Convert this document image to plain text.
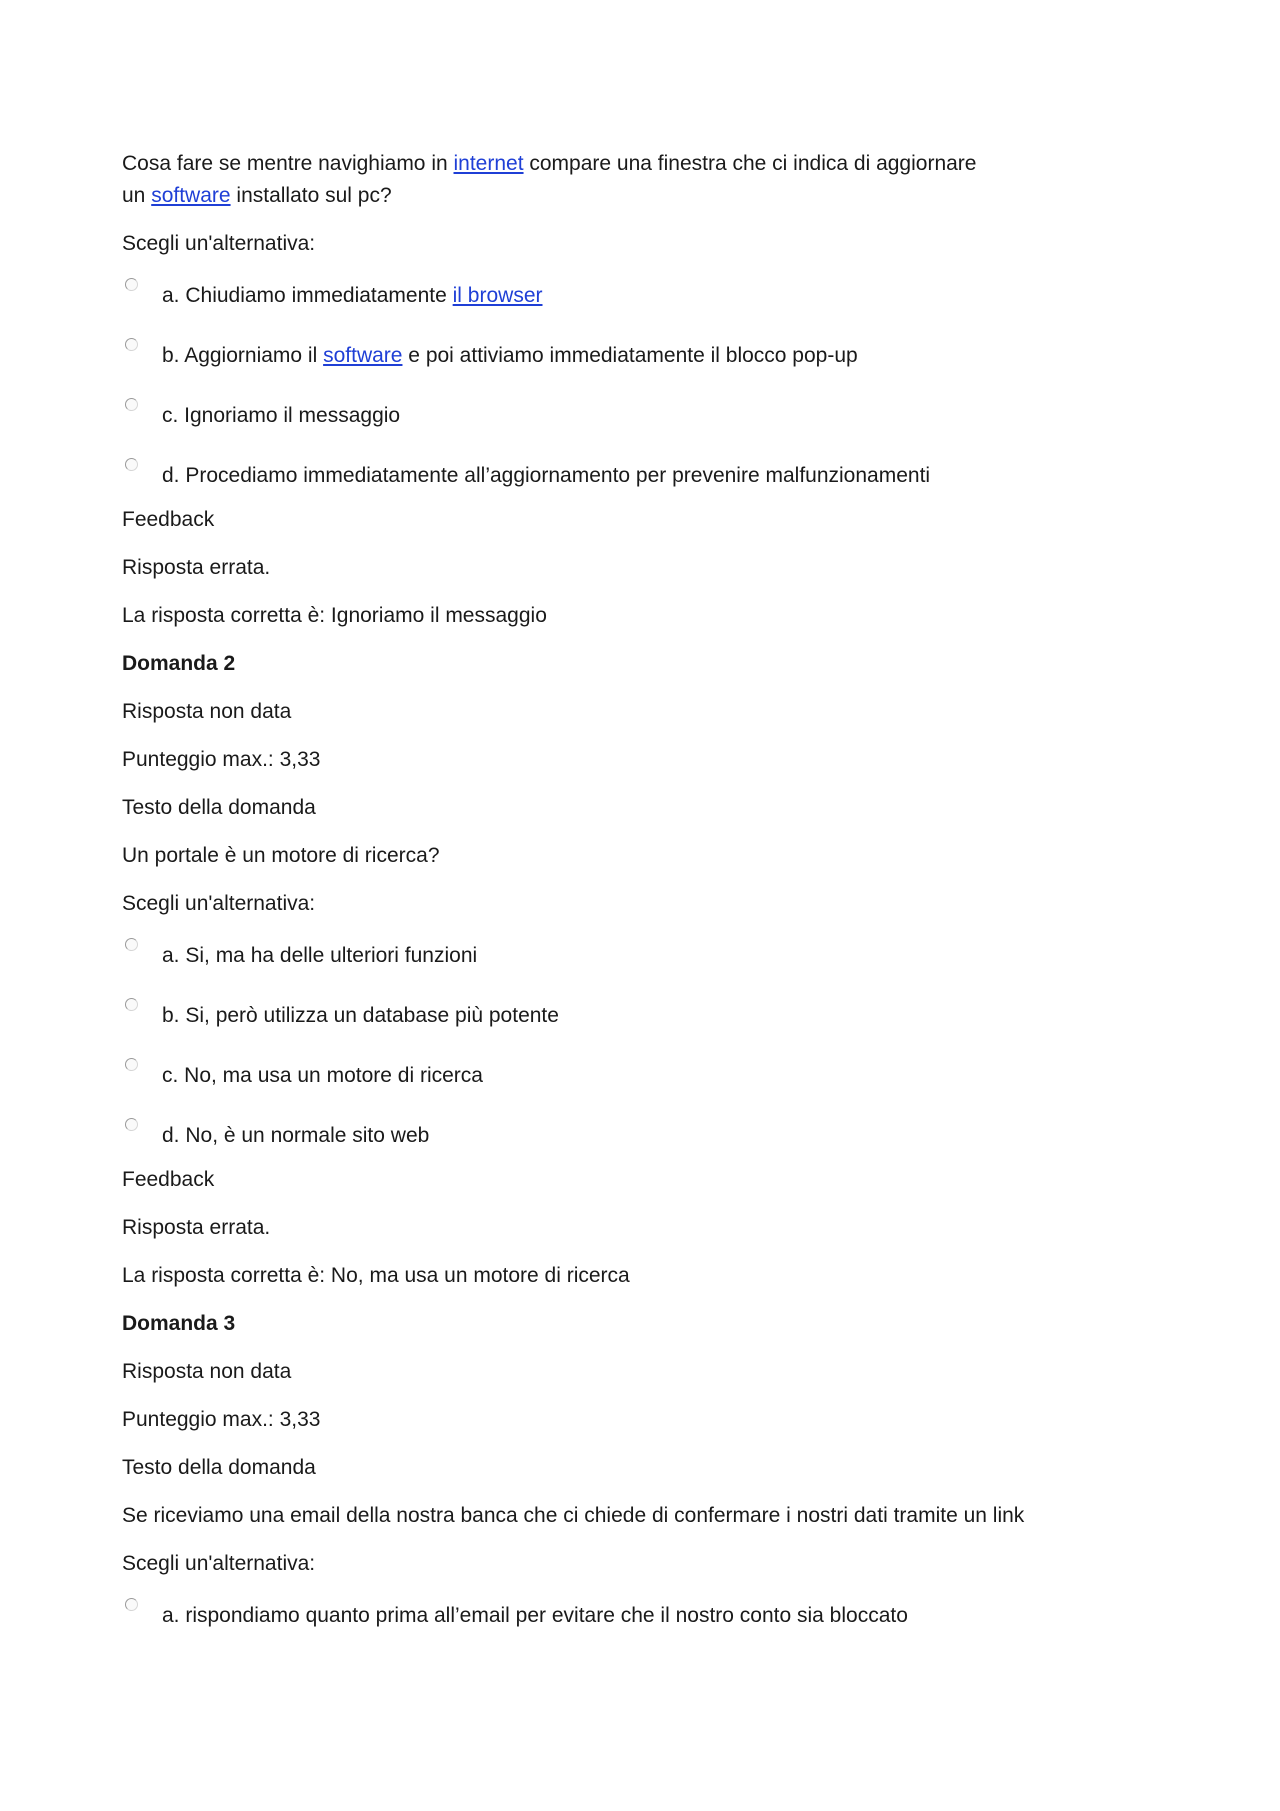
Cosa fare se mentre navighiamo in internet compare una finestra che ci indica di aggiornare

un software installato sul pc?

Scegli un'alternativa:

a. Chiudiamo immediatamente il browser
b. Aggiorniamo il software e poi attiviamo immediatamente il blocco pop-up
c. Ignoriamo il messaggio
d. Procediamo immediatamente all’aggiornamento per prevenire malfunzionamenti

Feedback

Risposta errata.

La risposta corretta è: Ignoriamo il messaggio

Domanda 2

Risposta non data

Punteggio max.: 3,33

Testo della domanda

Un portale è un motore di ricerca?

Scegli un'alternativa:

a. Si, ma ha delle ulteriori funzioni
b. Si, però utilizza un database più potente
c. No, ma usa un motore di ricerca
d. No, è un normale sito web

Feedback

Risposta errata.

La risposta corretta è: No, ma usa un motore di ricerca

Domanda 3

Risposta non data

Punteggio max.: 3,33

Testo della domanda

Se riceviamo una email della nostra banca che ci chiede di confermare i nostri dati tramite un link

Scegli un'alternativa:

a. rispondiamo quanto prima all’email per evitare che il nostro conto sia bloccato
